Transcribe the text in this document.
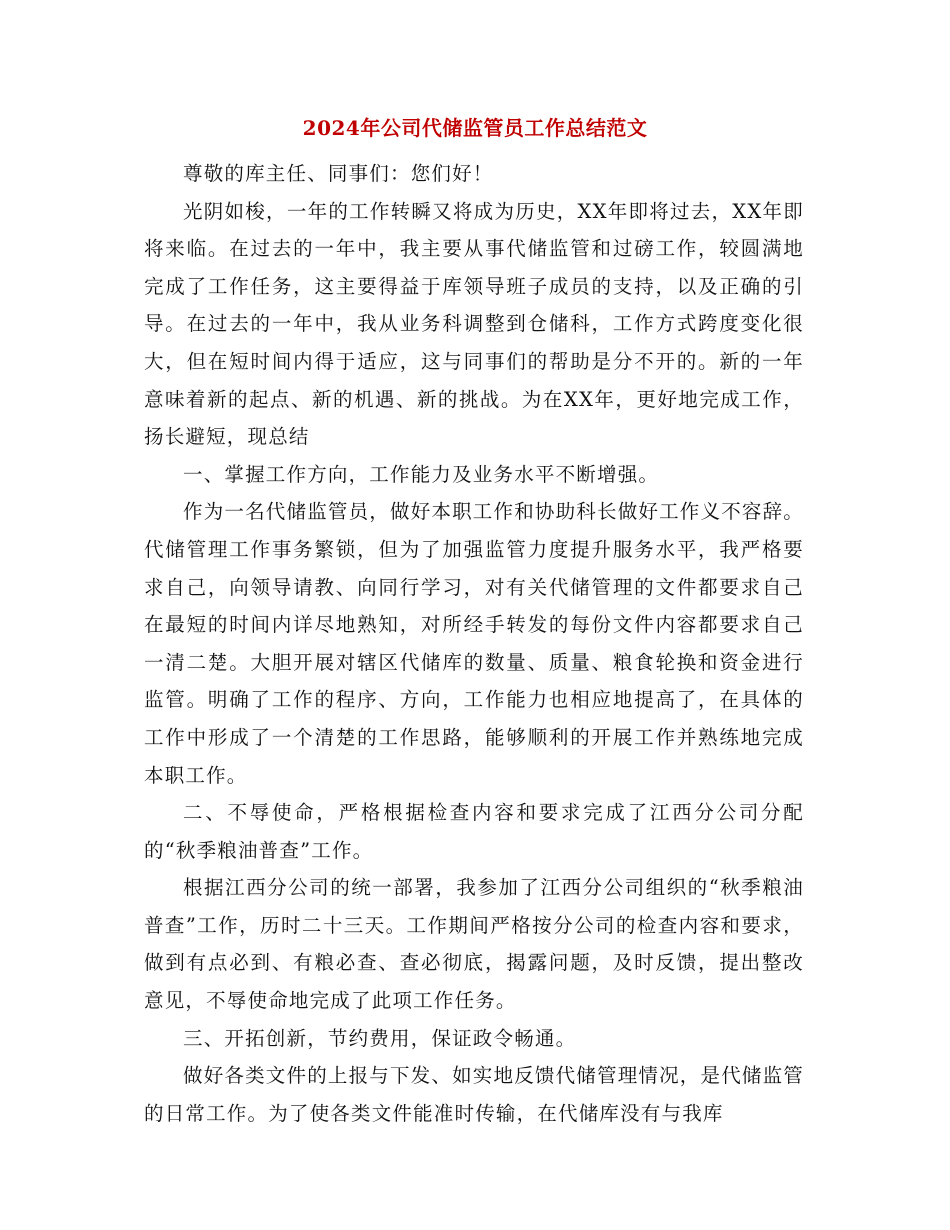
2024年公司代储监管员工作总结范文

尊敬的库主任、同事们：您们好！

光阴如梭，一年的工作转瞬又将成为历史，XX年即将过去，XX年即将来临。在过去的一年中，我主要从事代储监管和过磅工作，较圆满地完成了工作任务，这主要得益于库领导班子成员的支持，以及正确的引导。在过去的一年中，我从业务科调整到仓储科，工作方式跨度变化很大，但在短时间内得于适应，这与同事们的帮助是分不开的。新的一年意味着新的起点、新的机遇、新的挑战。为在XX年，更好地完成工作，扬长避短，现总结

一、掌握工作方向，工作能力及业务水平不断增强。

作为一名代储监管员，做好本职工作和协助科长做好工作义不容辞。代储管理工作事务繁锁，但为了加强监管力度提升服务水平，我严格要求自己，向领导请教、向同行学习，对有关代储管理的文件都要求自己在最短的时间内详尽地熟知，对所经手转发的每份文件内容都要求自己一清二楚。大胆开展对辖区代储库的数量、质量、粮食轮换和资金进行监管。明确了工作的程序、方向，工作能力也相应地提高了，在具体的工作中形成了一个清楚的工作思路，能够顺利的开展工作并熟练地完成本职工作。

二、不辱使命，严格根据检查内容和要求完成了江西分公司分配的“秋季粮油普查”工作。

根据江西分公司的统一部署，我参加了江西分公司组织的“秋季粮油普查”工作，历时二十三天。工作期间严格按分公司的检查内容和要求，做到有点必到、有粮必查、查必彻底，揭露问题，及时反馈，提出整改意见，不辱使命地完成了此项工作任务。

三、开拓创新，节约费用，保证政令畅通。

做好各类文件的上报与下发、如实地反馈代储管理情况，是代储监管的日常工作。为了使各类文件能准时传输，在代储库没有与我库
